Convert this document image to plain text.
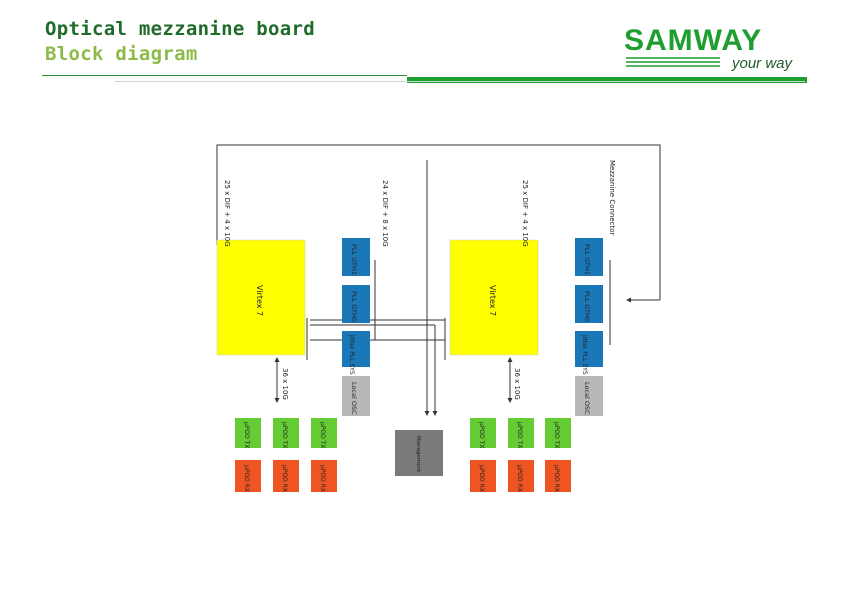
Optical mezzanine board
Block diagram	SAMWAY
your way
Mezzanine Connector
Virtex 7	Virtex 7
PLL GTH1
PLL GTH0
Jitter PLL SYS
Local OSC
PLL GTH1
PLL GTH0
Jitter PLL SYS
Local OSC
25 x DIF + 4 x 10G	24 x DIF + 8 x 10G
36 x 10G
25 x DIF + 4 x 10G
36 x 10G
Management
μPOD TX	μPOD TX	μPOD TX
μPOD RX	μPOD RX	μPOD RX
μPOD TX	μPOD TX	μPOD TX
μPOD RX	μPOD RX	μPOD RX
